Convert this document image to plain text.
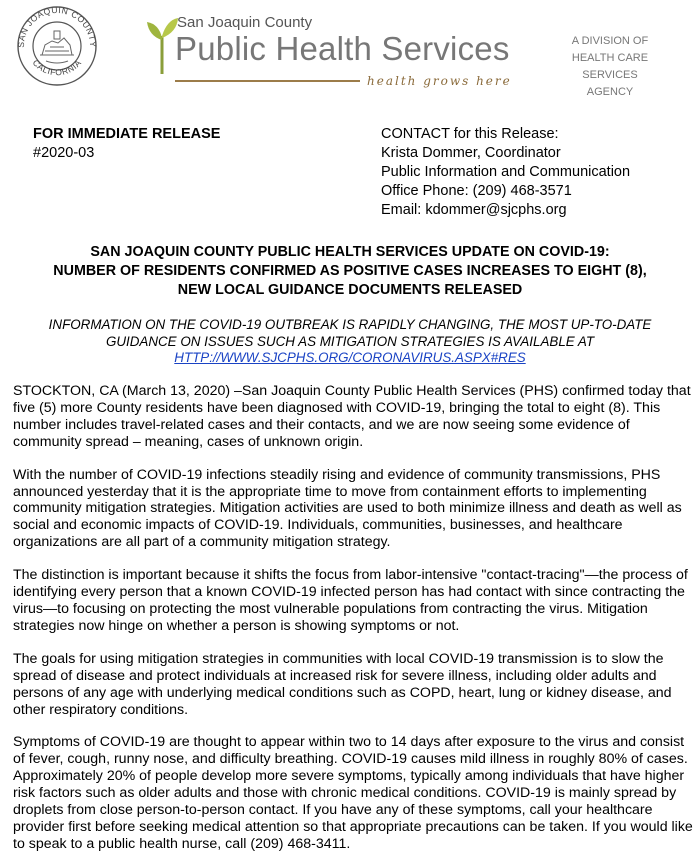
SAN JOAQUIN COUNTY
CALIFORNIA
San Joaquin County
Public Health Services
health grows here
A DIVISION OF
HEALTH CARE
SERVICES AGENCY
FOR IMMEDIATE RELEASE
#2020-03
CONTACT for this Release:
Krista Dommer, Coordinator
Public Information and Communication
Office Phone: (209) 468-3571
Email: kdommer@sjcphs.org
SAN JOAQUIN COUNTY PUBLIC HEALTH SERVICES UPDATE ON COVID-19:
NUMBER OF RESIDENTS CONFIRMED AS POSITIVE CASES INCREASES TO EIGHT (8),
NEW LOCAL GUIDANCE DOCUMENTS RELEASED
INFORMATION ON THE COVID-19 OUTBREAK IS RAPIDLY CHANGING, THE MOST UP-TO-DATE
GUIDANCE ON ISSUES SUCH AS MITIGATION STRATEGIES IS AVAILABLE AT
HTTP://WWW.SJCPHS.ORG/CORONAVIRUS.ASPX#RES

STOCKTON, CA (March 13, 2020) –San Joaquin County Public Health Services (PHS) confirmed today that five (5) more County residents have been diagnosed with COVID-19, bringing the total to eight (8). This number includes travel-related cases and their contacts, and we are now seeing some evidence of community spread – meaning, cases of unknown origin.

With the number of COVID-19 infections steadily rising and evidence of community transmissions, PHS announced yesterday that it is the appropriate time to move from containment efforts to implementing community mitigation strategies. Mitigation activities are used to both minimize illness and death as well as social and economic impacts of COVID-19. Individuals, communities, businesses, and healthcare organizations are all part of a community mitigation strategy.

The distinction is important because it shifts the focus from labor-intensive "contact-tracing"—the process of identifying every person that a known COVID-19 infected person has had contact with since contracting the virus—to focusing on protecting the most vulnerable populations from contracting the virus. Mitigation strategies now hinge on whether a person is showing symptoms or not.

The goals for using mitigation strategies in communities with local COVID-19 transmission is to slow the spread of disease and protect individuals at increased risk for severe illness, including older adults and persons of any age with underlying medical conditions such as COPD, heart, lung or kidney disease, and other respiratory conditions.

Symptoms of COVID-19 are thought to appear within two to 14 days after exposure to the virus and consist of fever, cough, runny nose, and difficulty breathing. COVID-19 causes mild illness in roughly 80% of cases. Approximately 20% of people develop more severe symptoms, typically among individuals that have higher risk factors such as older adults and those with chronic medical conditions. COVID-19 is mainly spread by droplets from close person-to-person contact. If you have any of these symptoms, call your healthcare provider first before seeking medical attention so that appropriate precautions can be taken. If you would like to speak to a public health nurse, call (209) 468-3411.
